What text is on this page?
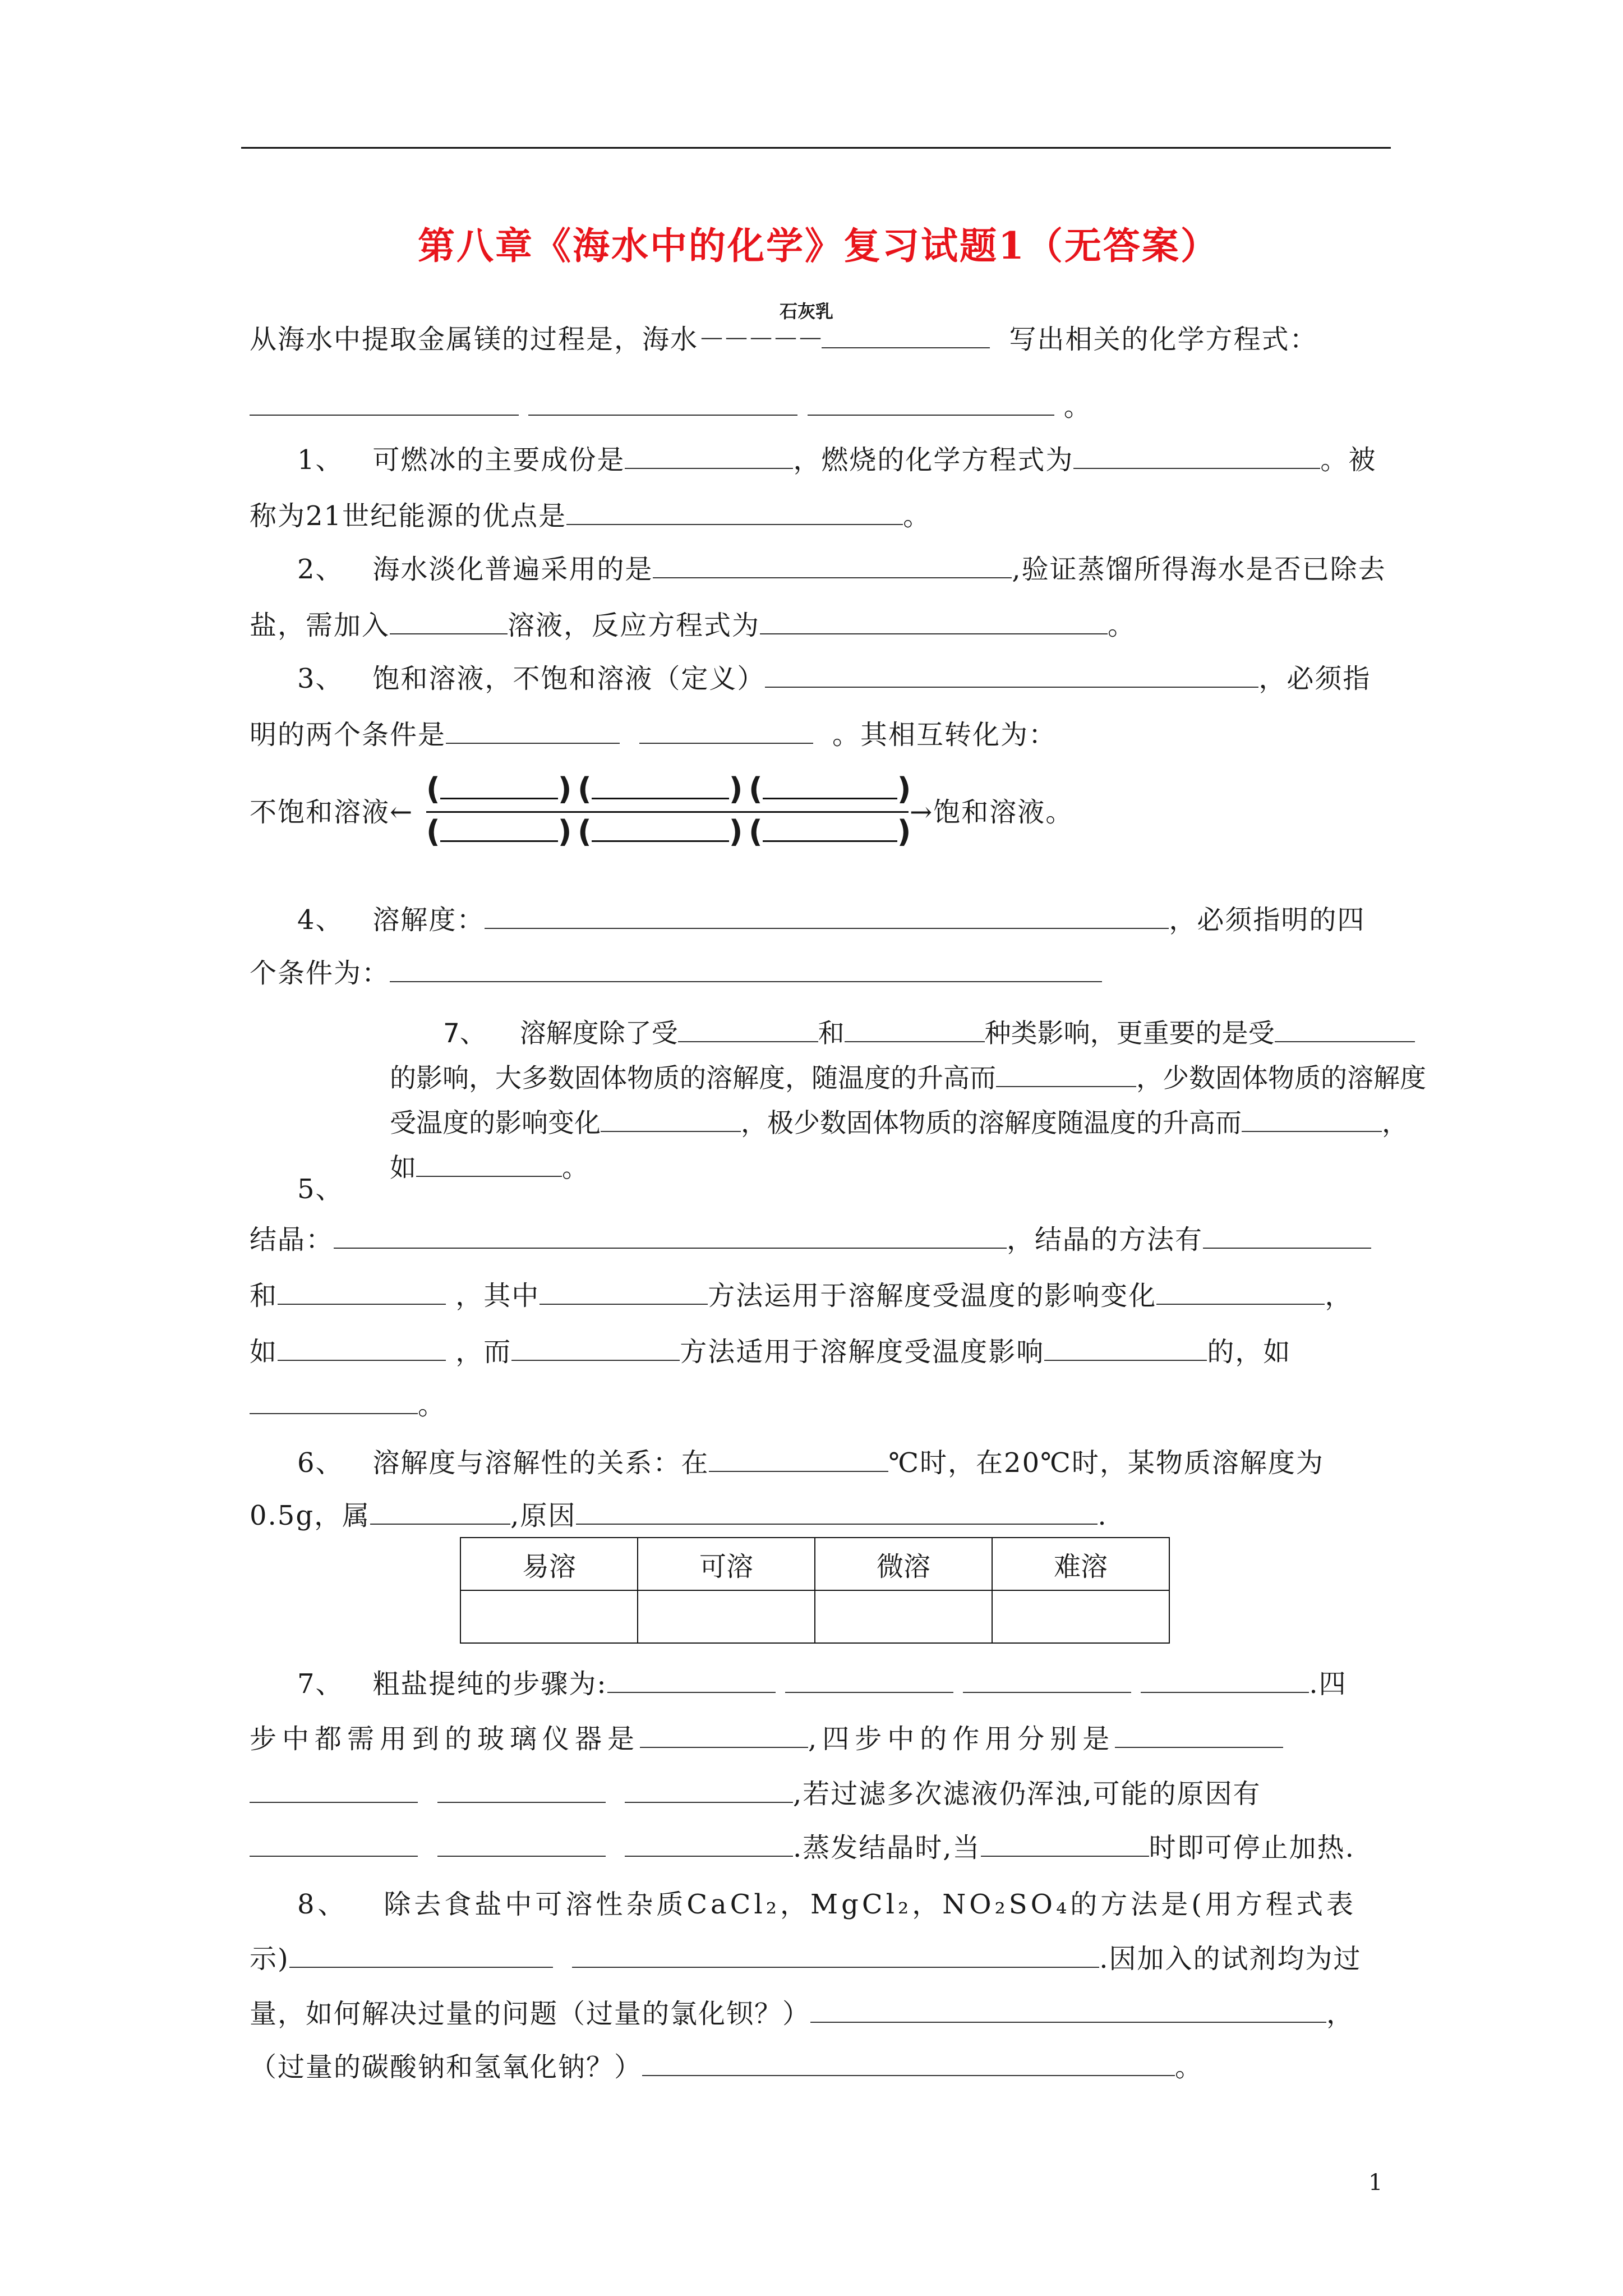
第八章《海水中的化学》复习试题1（无答案）
石灰乳
从海水中提取金属镁的过程是，海水－－－－－	写出相关的化学方程式：
。
1、 可燃冰的主要成份是	，燃烧的化学方程式为	。被
称为21世纪能源的优点是	。
2、 海水淡化普遍采用的是	,验证蒸馏所得海水是否已除去
盐，需加入	溶液，反应方程式为	。
3、 饱和溶液，不饱和溶液（定义）	，必须指
明的两个条件是	。其相互转化为：
不饱和溶液←
(	) (	) (	)
(	) (	) (	)
→饱和溶液。
4、 溶解度：	，必须指明的四
个条件为：
7、 溶解度除了受	和	种类影响，更重要的是受
的影响，大多数固体物质的溶解度，随温度的升高而	，少数固体物质的溶解度
受温度的影响变化	，极少数固体物质的溶解度随温度的升高而	，
如	。
5、
结晶：	，结晶的方法有
和	，其中	方法运用于溶解度受温度的影响变化	，
如	，而	方法适用于溶解度受温度影响	的，如
。
6、 溶解度与溶解性的关系：在	℃时，在20℃时，某物质溶解度为
0.5g，属	,原因	.
易溶	可溶	微溶	难溶

7、 粗盐提纯的步骤为:	.四
步中都需用到的玻璃仪器是	,四步中的作用分别是
,若过滤多次滤液仍浑浊,可能的原因有
.蒸发结晶时,当	时即可停止加热.
8、 除去食盐中可溶性杂质CaCl₂，MgCl₂，NO₂SO₄的方法是(用方程式表
示)	.因加入的试剂均为过
量，如何解决过量的问题（过量的氯化钡？）	，
（过量的碳酸钠和氢氧化钠？）	。
1
